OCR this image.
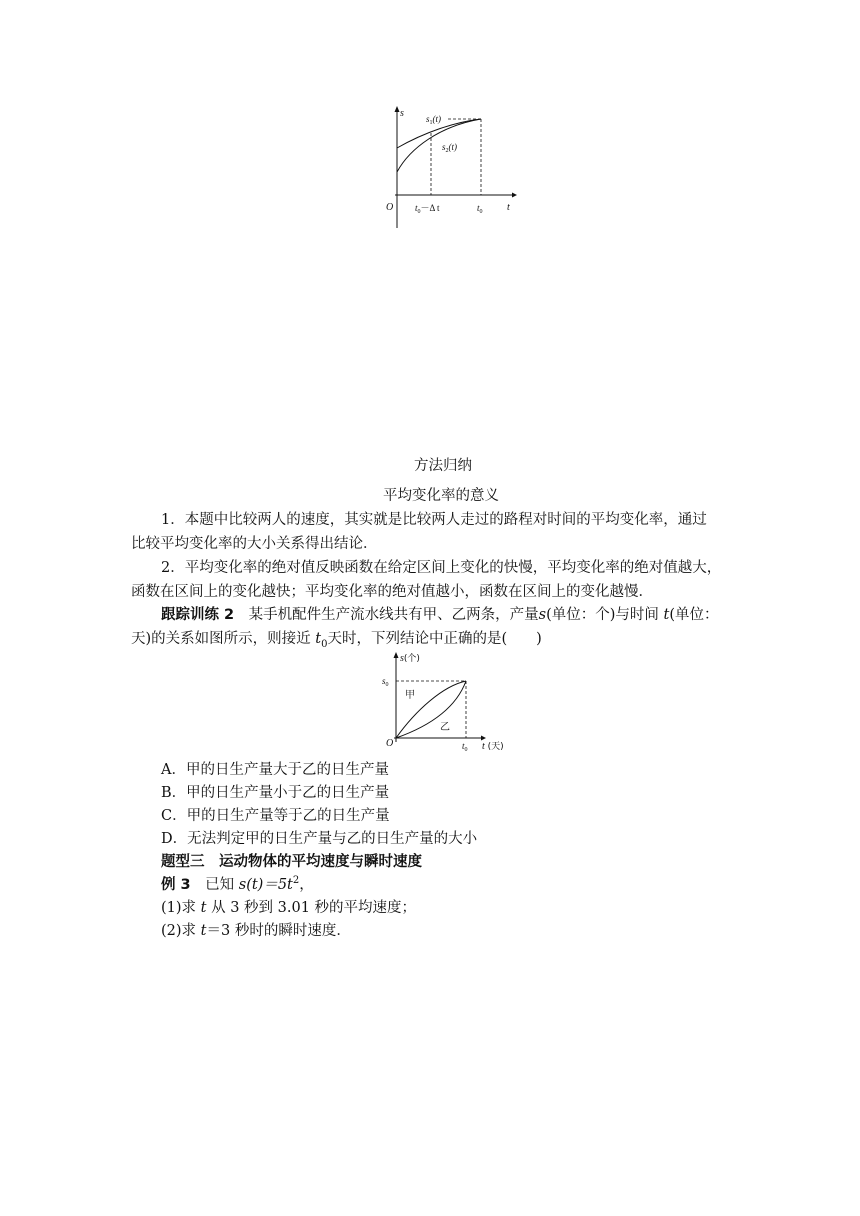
s
t
O
$s_1(t)$
$s_2(t)$
$t_0-\Delta$ t	$t_0$
方法归纳
平均变化率的意义
1．本题中比较两人的速度，其实就是比较两人走过的路程对时间的平均变化率，通过
比较平均变化率的大小关系得出结论．
2．平均变化率的绝对值反映函数在给定区间上变化的快慢，平均变化率的绝对值越大，
函数在区间上的变化越快；平均变化率的绝对值越小，函数在区间上的变化越慢．
跟踪训练 2　 某手机配件生产流水线共有甲、乙两条，产量s(单位：个)与时间 t(单位：
天)的关系如图所示，则接近 $t_0$天时，下列结论中正确的是(　　)
s(个)
t (天)
O
$s_0$
$t_0$
甲
乙
A．甲的日生产量大于乙的日生产量
B．甲的日生产量小于乙的日生产量
C．甲的日生产量等于乙的日生产量
D．无法判定甲的日生产量与乙的日生产量的大小
题型三　运动物体的平均速度与瞬时速度
例 3　 已知 $s(t)=5t^2$，
(1)求 t 从 3 秒到 3.01 秒的平均速度；
(2)求 t＝3 秒时的瞬时速度．
